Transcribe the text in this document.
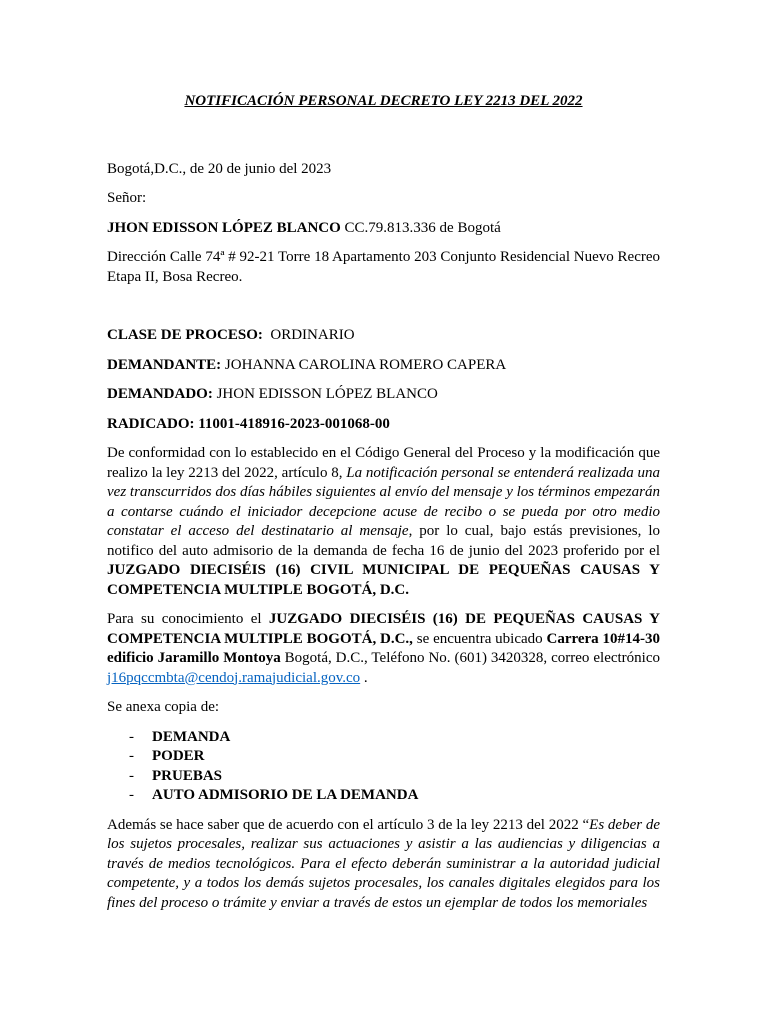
NOTIFICACIÓN PERSONAL DECRETO LEY 2213 DEL 2022

Bogotá,D.C., de 20 de junio del 2023

Señor:

JHON EDISSON LÓPEZ BLANCO CC.79.813.336 de Bogotá

Dirección Calle 74ª # 92-21 Torre 18 Apartamento 203 Conjunto Residencial Nuevo Recreo Etapa II, Bosa Recreo.

CLASE DE PROCESO:  ORDINARIO

DEMANDANTE: JOHANNA CAROLINA ROMERO CAPERA

DEMANDADO: JHON EDISSON LÓPEZ BLANCO

RADICADO: 11001-418916-2023-001068-00

De conformidad con lo establecido en el Código General del Proceso y la modificación que realizo la ley 2213 del 2022, artículo 8, La notificación personal se entenderá realizada una vez transcurridos dos días hábiles siguientes al envío del mensaje y los términos empezarán a contarse cuándo el iniciador decepcione acuse de recibo o se pueda por otro medio constatar el acceso del destinatario al mensaje, por lo cual, bajo estás previsiones, lo notifico del auto admisorio de la demanda de fecha 16 de junio del 2023 proferido por el JUZGADO DIECISÉIS (16) CIVIL MUNICIPAL DE PEQUEÑAS CAUSAS Y COMPETENCIA MULTIPLE BOGOTÁ, D.C.

Para su conocimiento el JUZGADO DIECISÉIS (16) DE PEQUEÑAS CAUSAS Y COMPETENCIA MULTIPLE BOGOTÁ, D.C., se encuentra ubicado Carrera 10#14-30 edificio Jaramillo Montoya Bogotá, D.C., Teléfono No. (601) 3420328, correo electrónico j16pqccmbta@cendoj.ramajudicial.gov.co .

Se anexa copia de:

- DEMANDA
- PODER
- PRUEBAS
- AUTO ADMISORIO DE LA DEMANDA

Además se hace saber que de acuerdo con el artículo 3 de la ley 2213 del 2022 “Es deber de los sujetos procesales, realizar sus actuaciones y asistir a las audiencias y diligencias a través de medios tecnológicos. Para el efecto deberán suministrar a la autoridad judicial competente, y a todos los demás sujetos procesales, los canales digitales elegidos para los fines del proceso o trámite y enviar a través de estos un ejemplar de todos los memoriales
